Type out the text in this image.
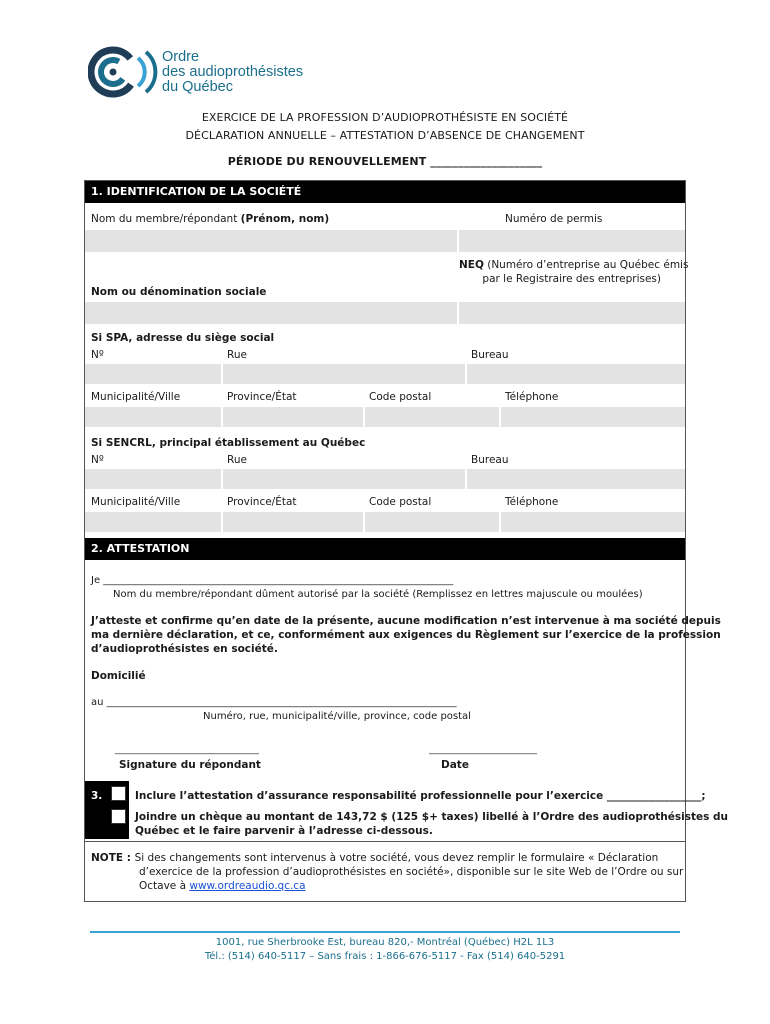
Ordre
des audioprothésistes
du Québec
EXERCICE DE LA PROFESSION D’AUDIOPROTHÉSISTE EN SOCIÉTÉ
DÉCLARATION ANNUELLE – ATTESTATION D’ABSENCE DE CHANGEMENT
PÉRIODE DU RENOUVELLEMENT ____________________
1. IDENTIFICATION DE LA SOCIÉTÉ
Nom du membre/répondant (Prénom, nom)	Numéro de permis
NEQ (Numéro d’entreprise au Québec émis
par le Registraire des entreprises)
Nom ou dénomination sociale
Si SPA, adresse du siège social
Nº	Rue	Bureau
Municipalité/Ville	Province/État	Code postal	Téléphone
Si SENCRL, principal établissement au Québec
Nº	Rue	Bureau
Municipalité/Ville	Province/État	Code postal	Téléphone
2. ATTESTATION
Je ______________________________________________________________________
Nom du membre/répondant dûment autorisé par la société (Remplissez en lettres majuscule ou moulées)
J’atteste et confirme qu’en date de la présente, aucune modification n’est intervenue à ma société depuis
ma dernière déclaration, et ce, conformément aux exigences du Règlement sur l’exercice de la profession
d’audioprothésistes en société.
Domicilié
au ______________________________________________________________________
Numéro, rue, municipalité/ville, province, code postal
________________________________
Signature du répondant
________________________
Date
3.	Inclure l’attestation d’assurance responsabilité professionnelle pour l’exercice __________________;
Joindre un chèque au montant de 143,72 $ (125 $+ taxes) libellé à l’Ordre des audioprothésistes du
Québec et le faire parvenir à l’adresse ci-dessous.
NOTE : Si des changements sont intervenus à votre société, vous devez remplir le formulaire « Déclaration
d’exercice de la profession d’audioprothésistes en société», disponible sur le site Web de l’Ordre ou sur
Octave à www.ordreaudio.qc.ca
1001, rue Sherbrooke Est, bureau 820,- Montréal (Québec) H2L 1L3
Tél.: (514) 640-5117 – Sans frais : 1-866-676-5117 - Fax (514) 640-5291
